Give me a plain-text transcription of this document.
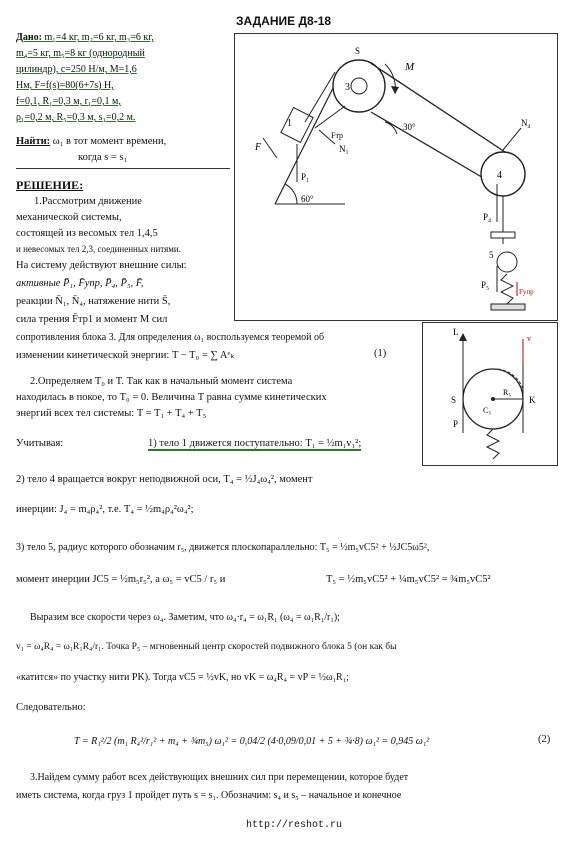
ЗАДАНИЕ Д8-18
Дано: m₁=4 кг, m₂=6 кг, m₃=6 кг,
m₄=5 кг, m₅=8 кг (однородный
цилиндр), c=250 Н/м, M=1,6
Нм, F=f(s)=80(6+7s) Н,
f=0,1, R₁=0,3 м, r₁=0,1 м,
ρ₁=0,2 м, R₅=0,3 м, s₁=0,2 м.
Найти: ω₁ в тот момент времени,
когда s = s₁
РЕШЕНИЕ:
1.Рассмотрим движение
механической системы,
состоящей из весомых тел 1,4,5
и невесомых тел 2,3, соединенных нитями.
На систему действуют внешние силы:
активные P̄₁, F̄упр, P̄₄, P̄₅, F̄,
реакции N̄₁, N̄₄, натяжение нити S̄,
сила трения F̄тр1 и момент M сил
сопротивления блока 3. Для определения ω₁ воспользуемся теоремой об
изменении кинетической энергии: T − T₀ = ∑ Aᵉₖ	(1)
2.Определяем T₀ и T. Так как в начальный момент система
находилась в покое, то T₀ = 0. Величина T равна сумме кинетических
энергий всех тел системы: T = T₁ + T₄ + T₅
Учитывая:	1) тело 1 движется поступательно: T₁ = ½m₁v₁²;
2) тело 4 вращается вокруг неподвижной оси, T₄ = ½J₄ω₄², момент
инерции: J₄ = m₄ρ₄², т.е. T₄ = ½m₄ρ₄²ω₄²;
3) тело 5, радиус которого обозначим r₅, движется плоскопараллельно: T₅ = ½m₅vC5² + ½JC5ω5²,
момент инерции JC5 = ½m₅r₅², а ω₅ = vC5 / r₅ и	T₅ = ½m₅vC5² + ¼m₅vC5² = ¾m₅vC5²
Выразим все скорости через ω₄. Заметим, что ω₄·r₄ = ω₁R₁ (ω₄ = ω₁R₁/r₁);
v₁ = ω₄R₄ = ω₁R₁R₄/r₁. Точка P₅ – мгновенный центр скоростей подвижного блока 5 (он как бы
«катится» по участку нити PK). Тогда vC5 = ½vK, но vK = ω₄R₄ = vP = ½ω₁R₁;
Следовательно:
T = R₁²/2 (m₁ R₄²/r₁² + m₄ + ¾m₅) ω₁² = 0,04/2 (4·0,09/0,01 + 5 + ¾·8) ω₁² = 0,945 ω₁²	(2)
3.Найдем сумму работ всех действующих внешних сил при перемещении, которое будет
иметь система, когда груз 1 пройдет путь s = s₁. Обозначим: s₄ и s₅ – начальное и конечное
http://reshot.ru
3
M
30°
1
F
Fтр
N₁
P₁
60°
4
N₄
P₄
5
P₅
Fупр
S
L
v
S
C₅
K
P
R₅
